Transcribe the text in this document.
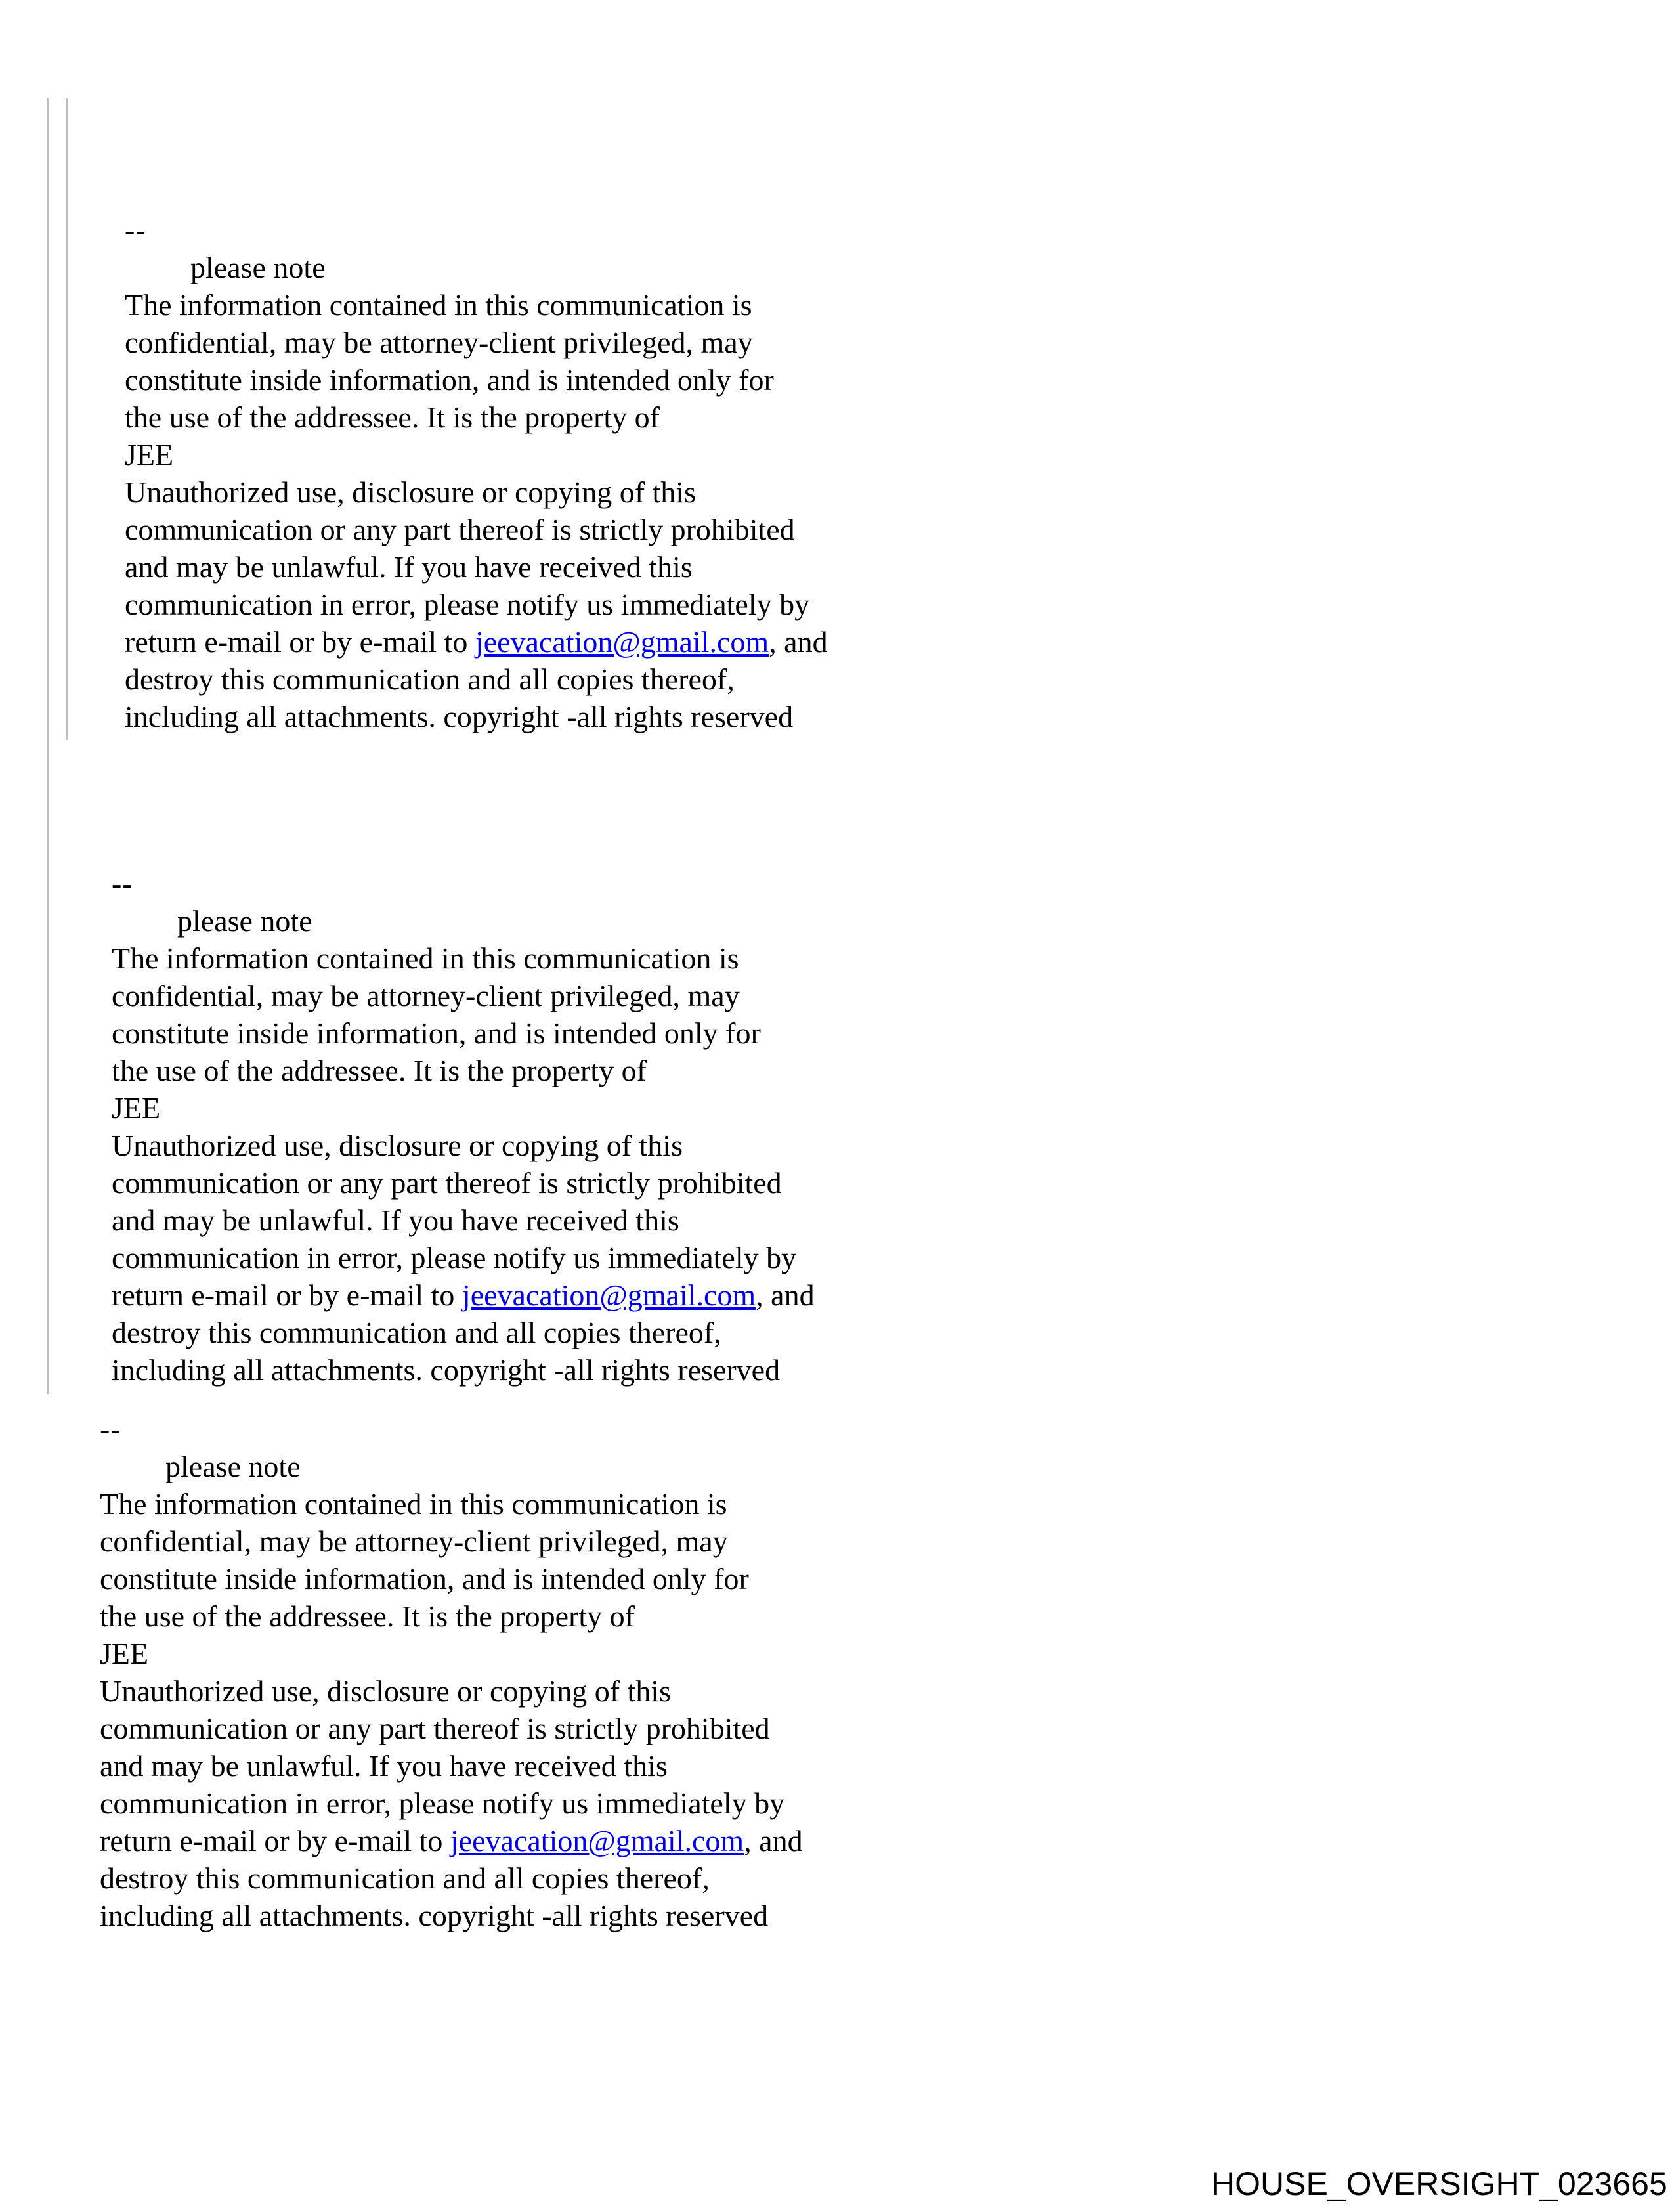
--
please note
The information contained in this communication is
confidential, may be attorney-client privileged, may
constitute inside information, and is intended only for
the use of the addressee. It is the property of
JEE
Unauthorized use, disclosure or copying of this
communication or any part thereof is strictly prohibited
and may be unlawful. If you have received this
communication in error, please notify us immediately by
return e-mail or by e-mail to jeevacation@gmail.com, and
destroy this communication and all copies thereof,
including all attachments. copyright -all rights reserved
--
please note
The information contained in this communication is
confidential, may be attorney-client privileged, may
constitute inside information, and is intended only for
the use of the addressee. It is the property of
JEE
Unauthorized use, disclosure or copying of this
communication or any part thereof is strictly prohibited
and may be unlawful. If you have received this
communication in error, please notify us immediately by
return e-mail or by e-mail to jeevacation@gmail.com, and
destroy this communication and all copies thereof,
including all attachments. copyright -all rights reserved
--
please note
The information contained in this communication is
confidential, may be attorney-client privileged, may
constitute inside information, and is intended only for
the use of the addressee. It is the property of
JEE
Unauthorized use, disclosure or copying of this
communication or any part thereof is strictly prohibited
and may be unlawful. If you have received this
communication in error, please notify us immediately by
return e-mail or by e-mail to jeevacation@gmail.com, and
destroy this communication and all copies thereof,
including all attachments. copyright -all rights reserved
HOUSE_OVERSIGHT_023665
